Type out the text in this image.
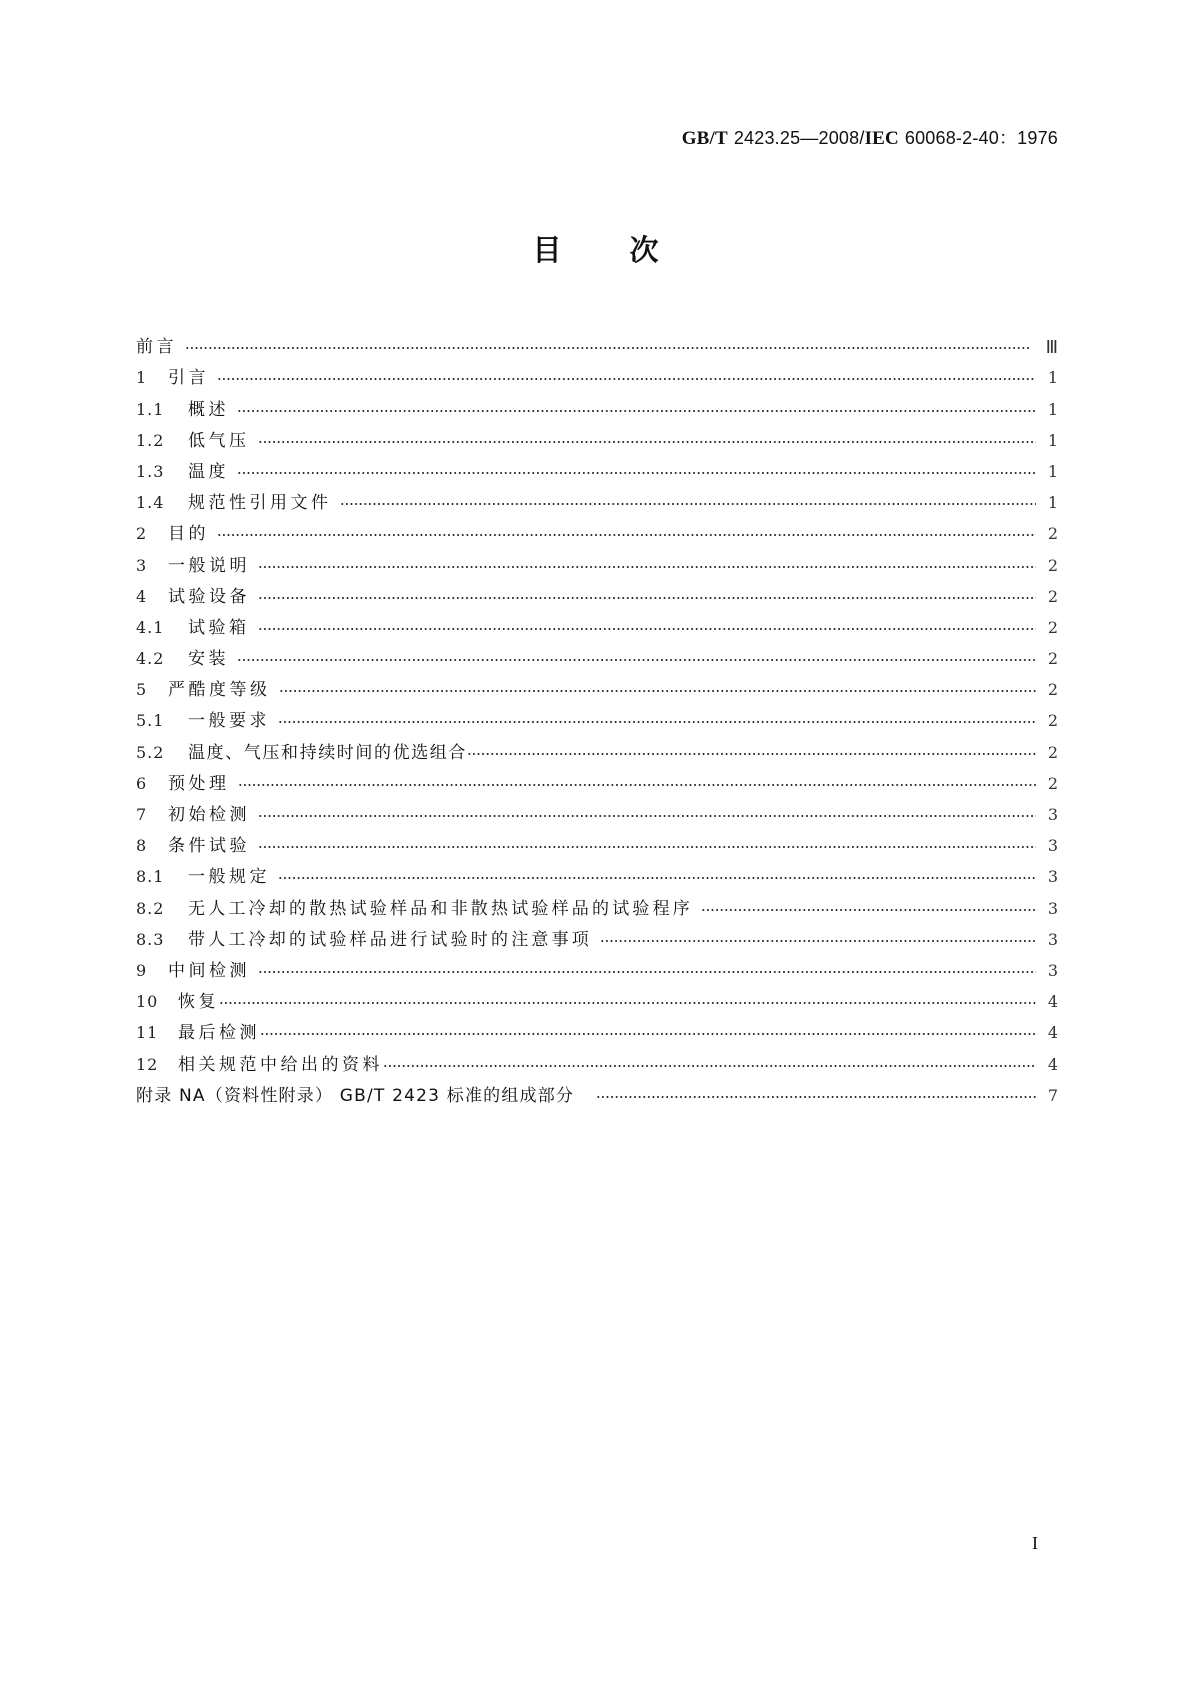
GB/T 2423.25—2008/IEC 60068-2-40：1976
目 次
前言	Ⅲ
1	引言	1
1.1	概述	1
1.2	低气压	1
1.3	温度	1
1.4	规范性引用文件	1
2	目的	2
3	一般说明	2
4	试验设备	2
4.1	试验箱	2
4.2	安装	2
5	严酷度等级	2
5.1	一般要求	2
5.2	温度、气压和持续时间的优选组合	2
6	预处理	2
7	初始检测	3
8	条件试验	3
8.1	一般规定	3
8.2	无人工冷却的散热试验样品和非散热试验样品的试验程序	3
8.3	带人工冷却的试验样品进行试验时的注意事项	3
9	中间检测	3
10	恢复	4
11	最后检测	4
12	相关规范中给出的资料	4
附录 NA（资料性附录） GB/T 2423 标准的组成部分	7
I
